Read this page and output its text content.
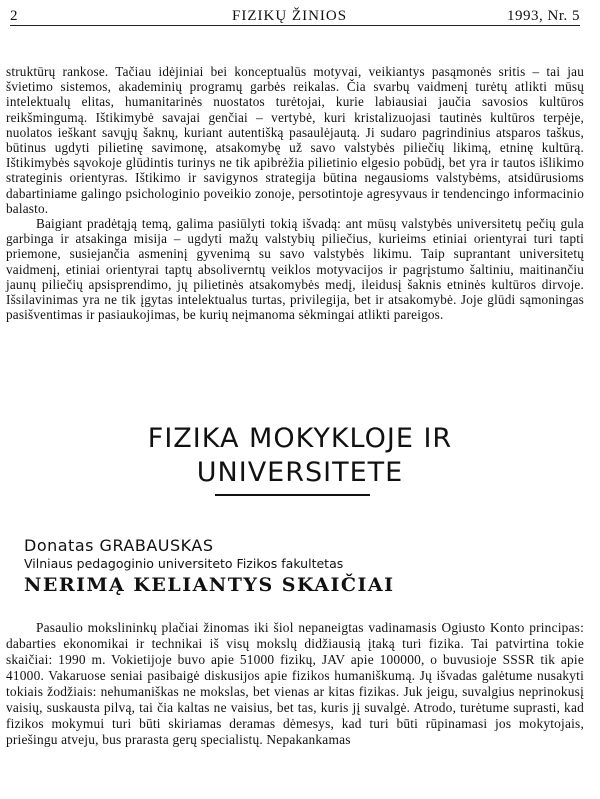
2	FIZIKŲ ŽINIOS	1993, Nr. 5

struktūrų rankose. Tačiau idėjiniai bei konceptualūs motyvai, veikiantys pasąmonės sritis – tai jau švietimo sistemos, akademinių programų garbės reikalas. Čia svarbų vaidmenį turėtų atlikti mūsų intelektualų elitas, humanitarinės nuostatos turėtojai, kurie labiausiai jaučia savosios kultūros reikšmingumą. Ištikimybė savajai genčiai – vertybė, kuri kristalizuojasi tautinės kultūros terpėje, nuolatos ieškant savųjų šaknų, kuriant autentišką pasaulėjautą. Ji sudaro pagrindinius atsparos taškus, būtinus ugdyti pilietinę savimonę, atsakomybę už savo valstybės piliečių likimą, etninę kultūrą. Ištikimybės sąvokoje glūdintis turinys ne tik apibrėžia pilietinio elgesio pobūdį, bet yra ir tautos išlikimo strateginis orientyras. Ištikimo ir savigynos strategija būtina negausioms valstybėms, atsidūrusioms dabartiniame galingo psichologinio poveikio zonoje, persotintoje agresyvaus ir tendencingo informacinio balasto.

Baigiant pradėtąją temą, galima pasiūlyti tokią išvadą: ant mūsų valstybės universitetų pečių gula garbinga ir atsakinga misija – ugdyti mažų valstybių piliečius, kurieims etiniai orientyrai turi tapti priemone, susiejančia asmeninį gyvenimą su savo valstybės likimu. Taip suprantant universitetų vaidmenį, etiniai orientyrai taptų absoliverntų veiklos motyvacijos ir pagrįstumo šaltiniu, maitinančiu jaunų piliečių apsisprendimo, jų pilietinės atsakomybės medį, ileidusį šaknis etninės kultūros dirvoje. Išsilavinimas yra ne tik įgytas intelektualus turtas, privilegija, bet ir atsakomybė. Joje glūdi sąmoningas pasišventimas ir pasiaukojimas, be kurių neįmanoma sėkmingai atlikti pareigos.

FIZIKA MOKYKLOJE IR
UNIVERSITETE
Donatas GRABAUSKAS
Vilniaus pedagoginio universiteto Fizikos fakultetas
NERIMĄ KELIANTYS SKAIČIAI

Pasaulio mokslininkų plačiai žinomas iki šiol nepaneigtas vadinamasis Ogiusto Konto principas: dabarties ekonomikai ir technikai iš visų mokslų didžiausią įtaką turi fizika. Tai patvirtina tokie skaičiai: 1990 m. Vokietijoje buvo apie 51000 fizikų, JAV apie 100000, o buvusioje SSSR tik apie 41000. Vakaruose seniai pasibaigė diskusijos apie fizikos humaniškumą. Jų išvadas galėtume nusakyti tokiais žodžiais: nehumaniškas ne mokslas, bet vienas ar kitas fizikas. Juk jeigu, suvalgius neprinokusį vaisių, suskausta pilvą, tai čia kaltas ne vaisius, bet tas, kuris jį suvalgė. Atrodo, turėtume suprasti, kad fizikos mokymui turi būti skiriamas deramas dėmesys, kad turi būti rūpinamasi jos mokytojais, priešingu atveju, bus prarasta gerų specialistų. Nepakankamas
